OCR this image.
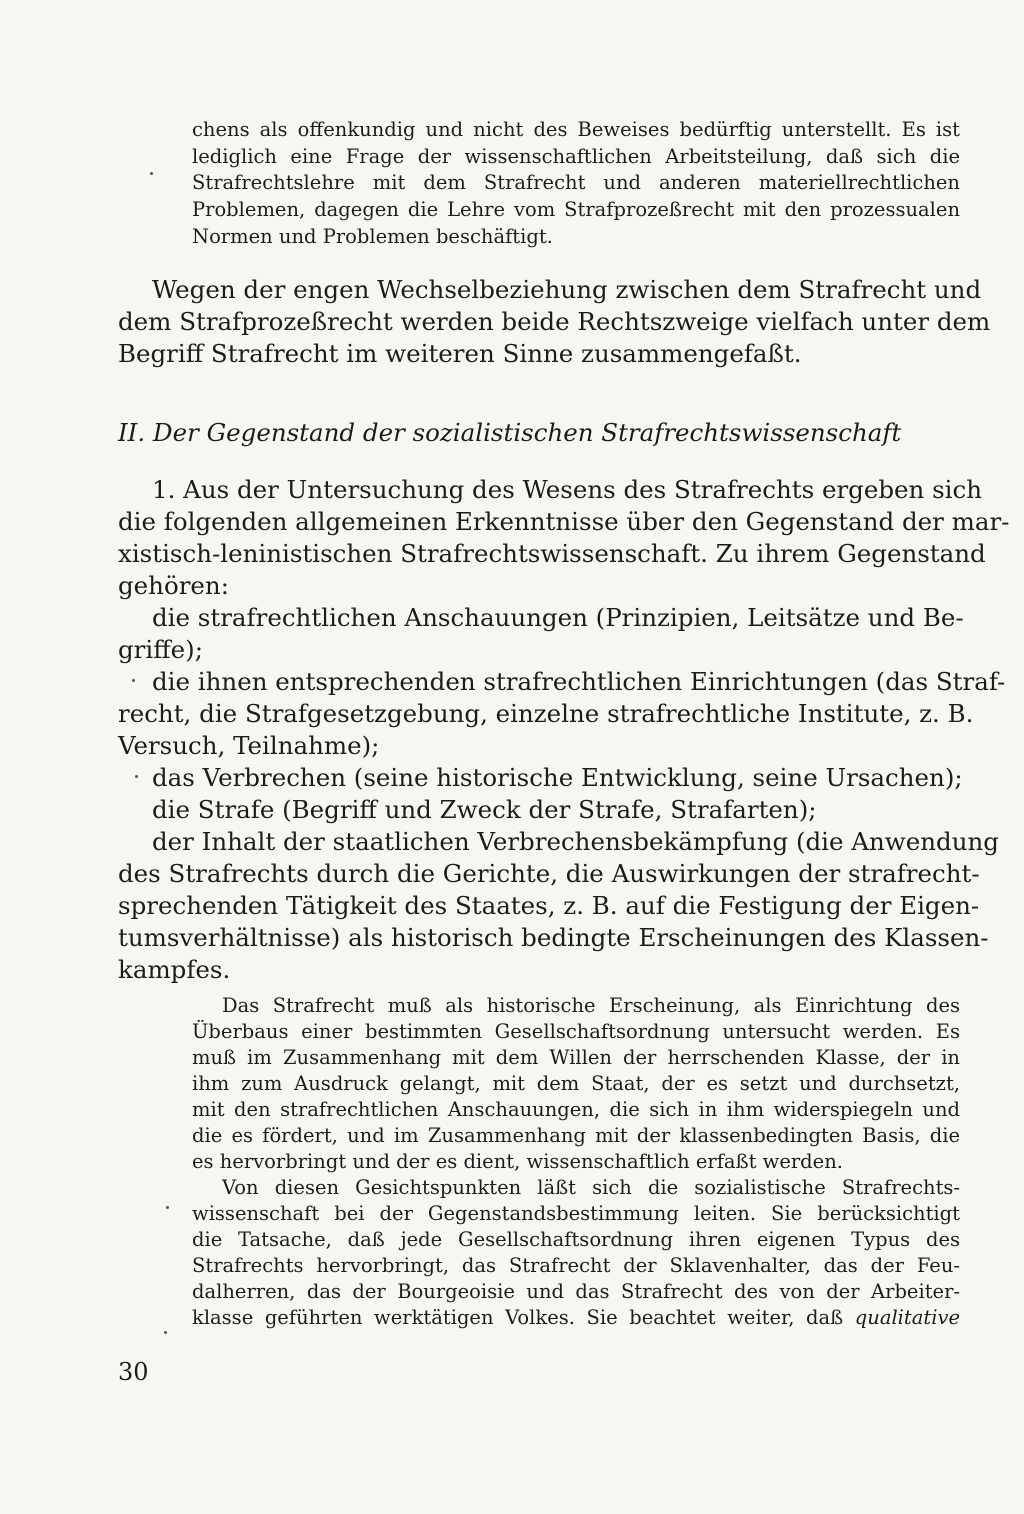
chens als offenkundig und nicht des Beweises bedürftig unterstellt. Es ist
lediglich eine Frage der wissenschaftlichen Arbeitsteilung, daß sich die
Strafrechtslehre mit dem Strafrecht und anderen materiellrechtlichen
Problemen, dagegen die Lehre vom Strafprozeßrecht mit den prozessualen
Normen und Problemen beschäftigt.
Wegen der engen Wechselbeziehung zwischen dem Strafrecht und
dem Strafprozeßrecht werden beide Rechtszweige vielfach unter dem
Begriff Strafrecht im weiteren Sinne zusammengefaßt.
II. Der Gegenstand der sozialistischen Strafrechtswissenschaft
1. Aus der Untersuchung des Wesens des Strafrechts ergeben sich
die folgenden allgemeinen Erkenntnisse über den Gegenstand der mar-
xistisch-leninistischen Strafrechtswissenschaft. Zu ihrem Gegenstand
gehören:
die strafrechtlichen Anschauungen (Prinzipien, Leitsätze und Be-
griffe);
die ihnen entsprechenden strafrechtlichen Einrichtungen (das Straf-
recht, die Strafgesetzgebung, einzelne strafrechtliche Institute, z. B.
Versuch, Teilnahme);
das Verbrechen (seine historische Entwicklung, seine Ursachen);
die Strafe (Begriff und Zweck der Strafe, Strafarten);
der Inhalt der staatlichen Verbrechensbekämpfung (die Anwendung
des Strafrechts durch die Gerichte, die Auswirkungen der strafrecht-
sprechenden Tätigkeit des Staates, z. B. auf die Festigung der Eigen-
tumsverhältnisse) als historisch bedingte Erscheinungen des Klassen-
kampfes.
Das Strafrecht muß als historische Erscheinung, als Einrichtung des
Überbaus einer bestimmten Gesellschaftsordnung untersucht werden. Es
muß im Zusammenhang mit dem Willen der herrschenden Klasse, der in
ihm zum Ausdruck gelangt, mit dem Staat, der es setzt und durchsetzt,
mit den strafrechtlichen Anschauungen, die sich in ihm widerspiegeln und
die es fördert, und im Zusammenhang mit der klassenbedingten Basis, die
es hervorbringt und der es dient, wissenschaftlich erfaßt werden.
Von diesen Gesichtspunkten läßt sich die sozialistische Strafrechts-
wissenschaft bei der Gegenstandsbestimmung leiten. Sie berücksichtigt
die Tatsache, daß jede Gesellschaftsordnung ihren eigenen Typus des
Strafrechts hervorbringt, das Strafrecht der Sklavenhalter, das der Feu-
dalherren, das der Bourgeoisie und das Strafrecht des von der Arbeiter-
klasse geführten werktätigen Volkes. Sie beachtet weiter, daß qualitative
30
